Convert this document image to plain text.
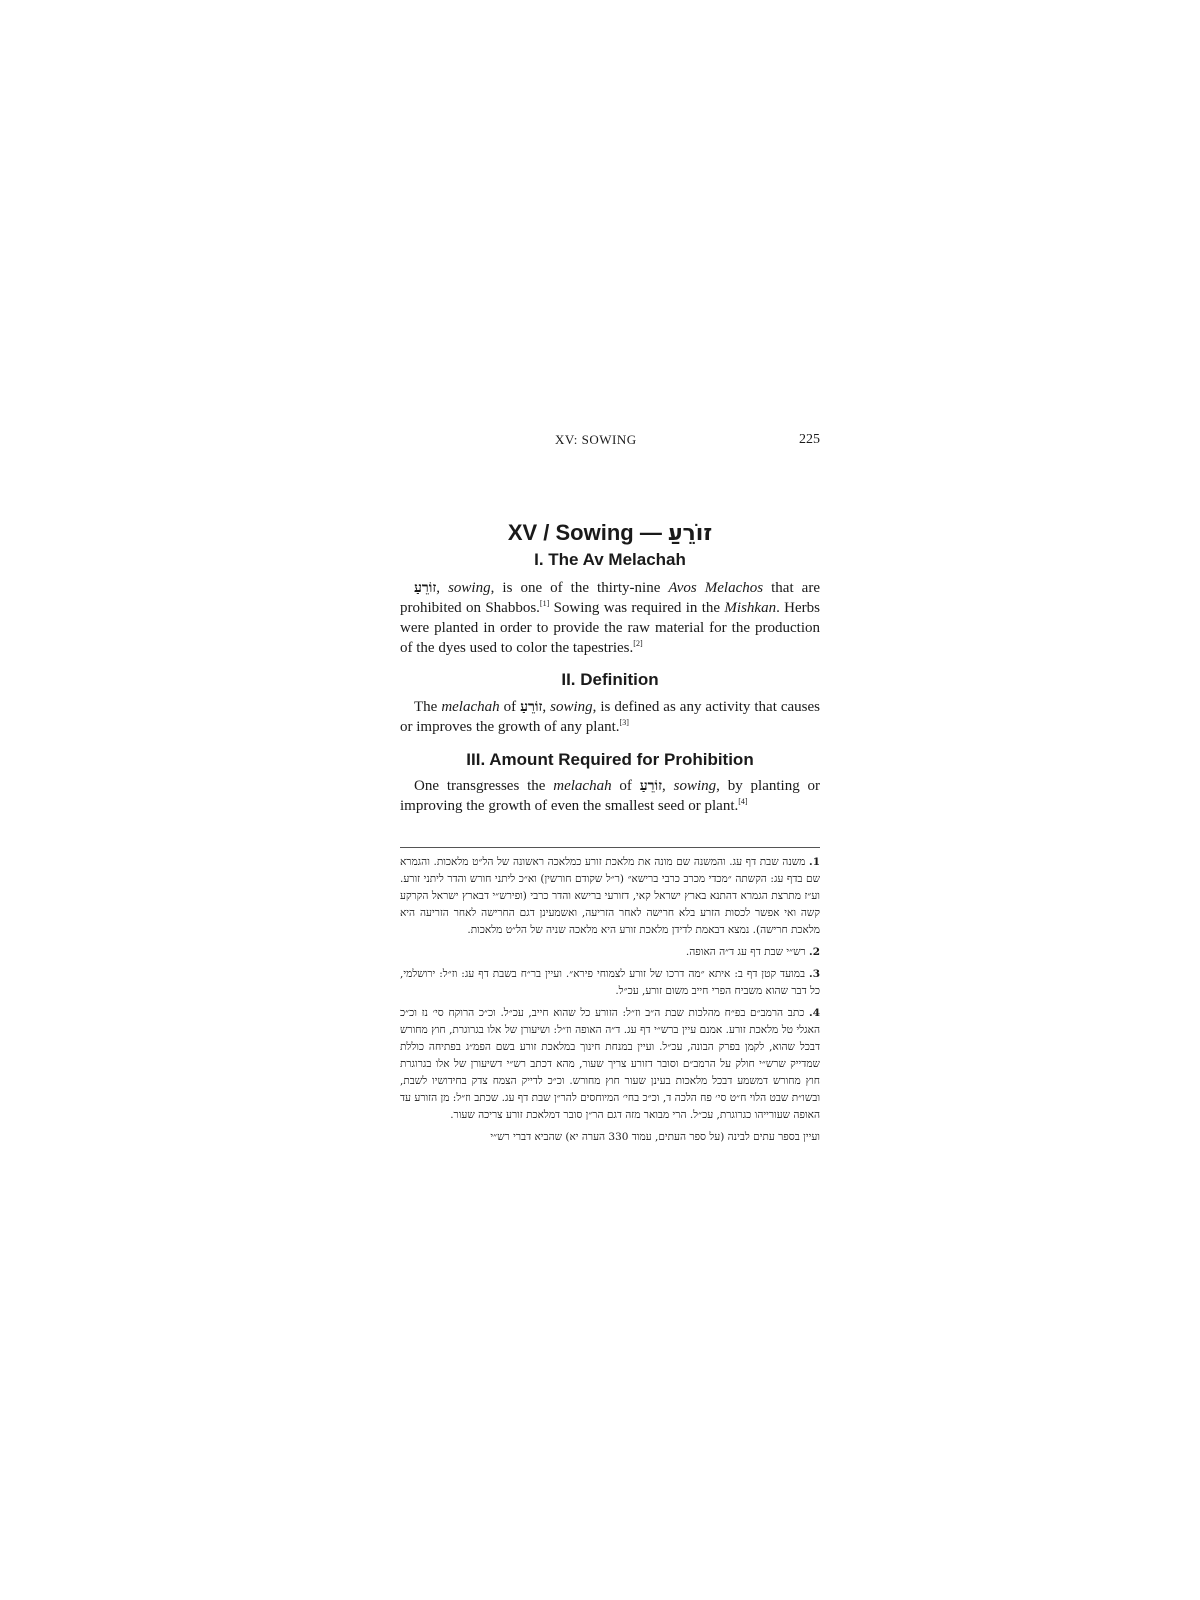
XV: SOWING	225
XV / Sowing — זוֹרֵעַ
I. The Av Melachah
זוֹרֵעַ, sowing, is one of the thirty-nine Avos Melachos that are prohibited on Shabbos.[1] Sowing was required in the Mishkan. Herbs were planted in order to provide the raw material for the production of the dyes used to color the tapestries.[2]
II. Definition
The melachah of זוֹרֵעַ, sowing, is defined as any activity that causes or improves the growth of any plant.[3]
III. Amount Required for Prohibition
One transgresses the melachah of זוֹרֵעַ, sowing, by planting or improving the growth of even the smallest seed or plant.[4]

1. משנה שבת דף עג. והמשנה שם מונה את מלאכת זורע כמלאכה ראשונה של הל״ט מלאכות. והגמרא שם בדף עג: הקשתה ״מכדי מכרב כרבי ברישא״ (ר״ל שקודם חורשין) וא״כ ליתני חורש והדר ליתני זורע. וע״ז מתרצת הגמרא דהתנא בארץ ישראל קאי, דזורעי ברישא והדר כרבי (ופירש״י דבארץ ישראל הקרקע קשה ואי אפשר לכסות הזרע בלא חרישה לאחר הזריעה, ואשמעינן דגם החרישה לאחר הזריעה היא מלאכת חרישה). נמצא דבאמת לדידן מלאכת זורע היא מלאכה שניה של הל״ט מלאכות.

2. רש״י שבת דף עג ד״ה האופה.

3. במועד קטן דף ב: איתא ״מה דרכו של זורע לצמוחי פירא״. ועיין בר״ח בשבת דף עג: וז״ל: ירושלמי, כל דבר שהוא משביח הפרי חייב משום זורע, עכ״ל.

4. כתב הרמב״ם בפ״ח מהלכות שבת ה״ב וז״ל: הזורע כל שהוא חייב, עכ״ל. וכ״כ הרוקח סי׳ נז וכ״כ האגלי טל מלאכת זורע. אמנם עיין ברש״י דף עג. ד״ה האופה וז״ל: ושיעורן של אלו בגרוגרת, חוץ מחורש דבכל שהוא, לקמן בפרק הבונה, עכ״ל. ועיין במנחת חינוך במלאכת זורע בשם הפמ״ג בפתיחה כוללת שמדייק שרש״י חולק על הרמב״ם וסובר דזורע צריך שעור, מהא דכתב רש״י דשיעורן של אלו בגרוגרת חוץ מחורש דמשמע דבכל מלאכות בעינן שעור חוץ מחורש. וכ״כ לדייק הצמח צדק בחידושיו לשבת, ובשו״ת שבט הלוי ח״ט סי׳ פח הלכה ד, וכ״כ בחי׳ המיוחסים להר״ן שבת דף עג. שכתב וז״ל: מן הזורע עד האופה שעורייהו כגרוגרת, עכ״ל. הרי מבואר מזה דגם הר״ן סובר דמלאכת זורע צריכה שעור.

ועיין בספר עתים לבינה (על ספר העתים, עמוד 330 הערה יא) שהביא דברי רש״י
